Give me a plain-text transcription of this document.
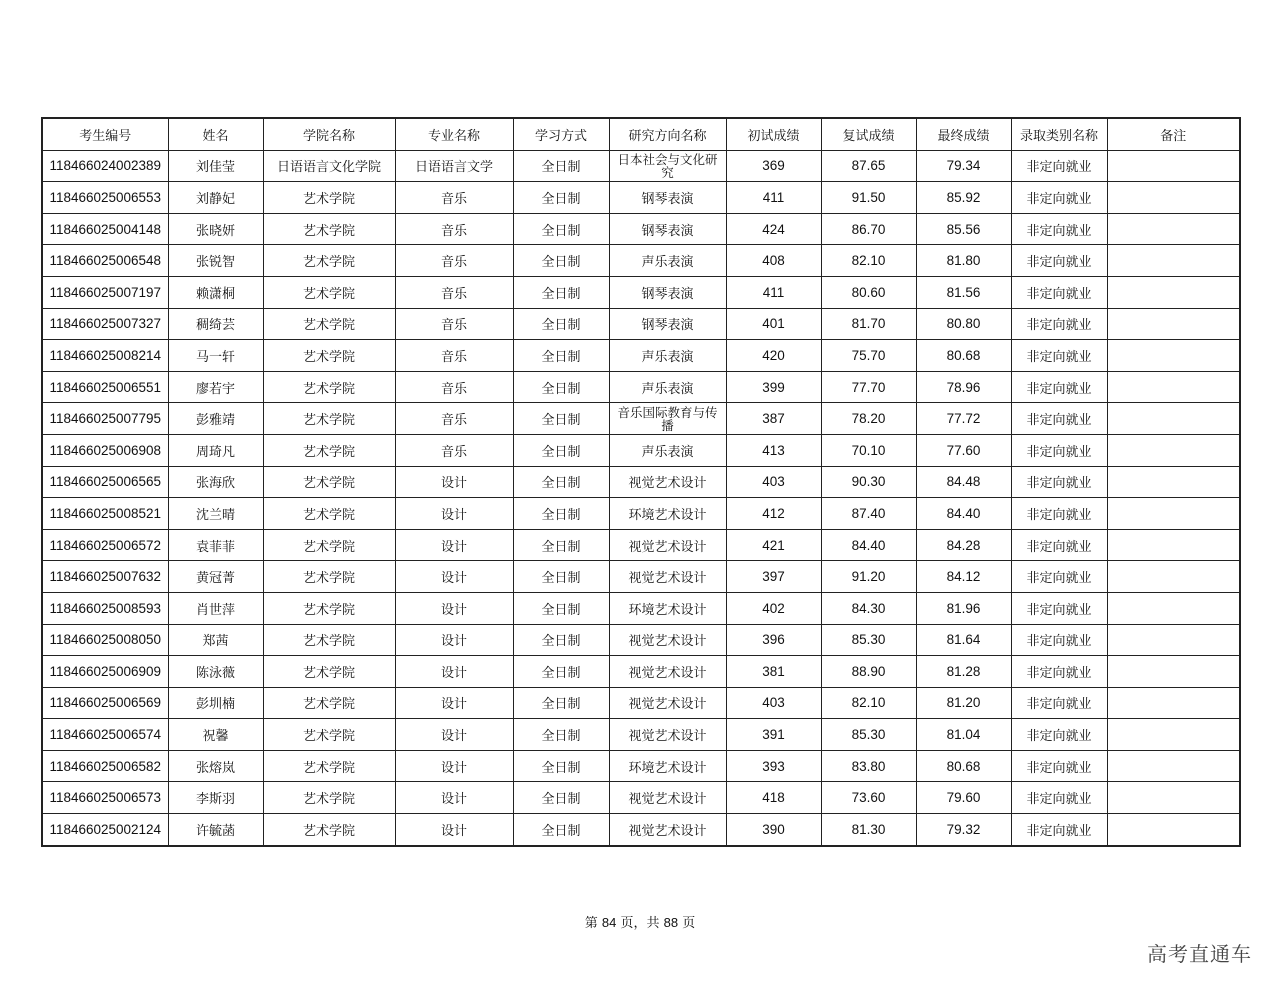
考生编号	姓名	学院名称	专业名称	学习方式	研究方向名称	初试成绩	复试成绩	最终成绩	录取类别名称	备注
118466024002389	刘佳莹	日语语言文化学院	日语语言文学	全日制	日本社会与文化研究	369	87.65	79.34	非定向就业	
118466025006553	刘静妃	艺术学院	音乐	全日制	钢琴表演	411	91.50	85.92	非定向就业	
118466025004148	张晓妍	艺术学院	音乐	全日制	钢琴表演	424	86.70	85.56	非定向就业	
118466025006548	张锐智	艺术学院	音乐	全日制	声乐表演	408	82.10	81.80	非定向就业	
118466025007197	赖潇桐	艺术学院	音乐	全日制	钢琴表演	411	80.60	81.56	非定向就业	
118466025007327	稠绮芸	艺术学院	音乐	全日制	钢琴表演	401	81.70	80.80	非定向就业	
118466025008214	马一轩	艺术学院	音乐	全日制	声乐表演	420	75.70	80.68	非定向就业	
118466025006551	廖若宇	艺术学院	音乐	全日制	声乐表演	399	77.70	78.96	非定向就业	
118466025007795	彭雅靖	艺术学院	音乐	全日制	音乐国际教育与传播	387	78.20	77.72	非定向就业	
118466025006908	周琦凡	艺术学院	音乐	全日制	声乐表演	413	70.10	77.60	非定向就业	
118466025006565	张海欣	艺术学院	设计	全日制	视觉艺术设计	403	90.30	84.48	非定向就业	
118466025008521	沈兰晴	艺术学院	设计	全日制	环境艺术设计	412	87.40	84.40	非定向就业	
118466025006572	袁菲菲	艺术学院	设计	全日制	视觉艺术设计	421	84.40	84.28	非定向就业	
118466025007632	黄冠菁	艺术学院	设计	全日制	视觉艺术设计	397	91.20	84.12	非定向就业	
118466025008593	肖世萍	艺术学院	设计	全日制	环境艺术设计	402	84.30	81.96	非定向就业	
118466025008050	郑茜	艺术学院	设计	全日制	视觉艺术设计	396	85.30	81.64	非定向就业	
118466025006909	陈泳薇	艺术学院	设计	全日制	视觉艺术设计	381	88.90	81.28	非定向就业	
118466025006569	彭圳楠	艺术学院	设计	全日制	视觉艺术设计	403	82.10	81.20	非定向就业	
118466025006574	祝馨	艺术学院	设计	全日制	视觉艺术设计	391	85.30	81.04	非定向就业	
118466025006582	张熔岚	艺术学院	设计	全日制	环境艺术设计	393	83.80	80.68	非定向就业	
118466025006573	李斯羽	艺术学院	设计	全日制	视觉艺术设计	418	73.60	79.60	非定向就业	
118466025002124	许毓菡	艺术学院	设计	全日制	视觉艺术设计	390	81.30	79.32	非定向就业	
第 84 页，共 88 页
高考直通车
